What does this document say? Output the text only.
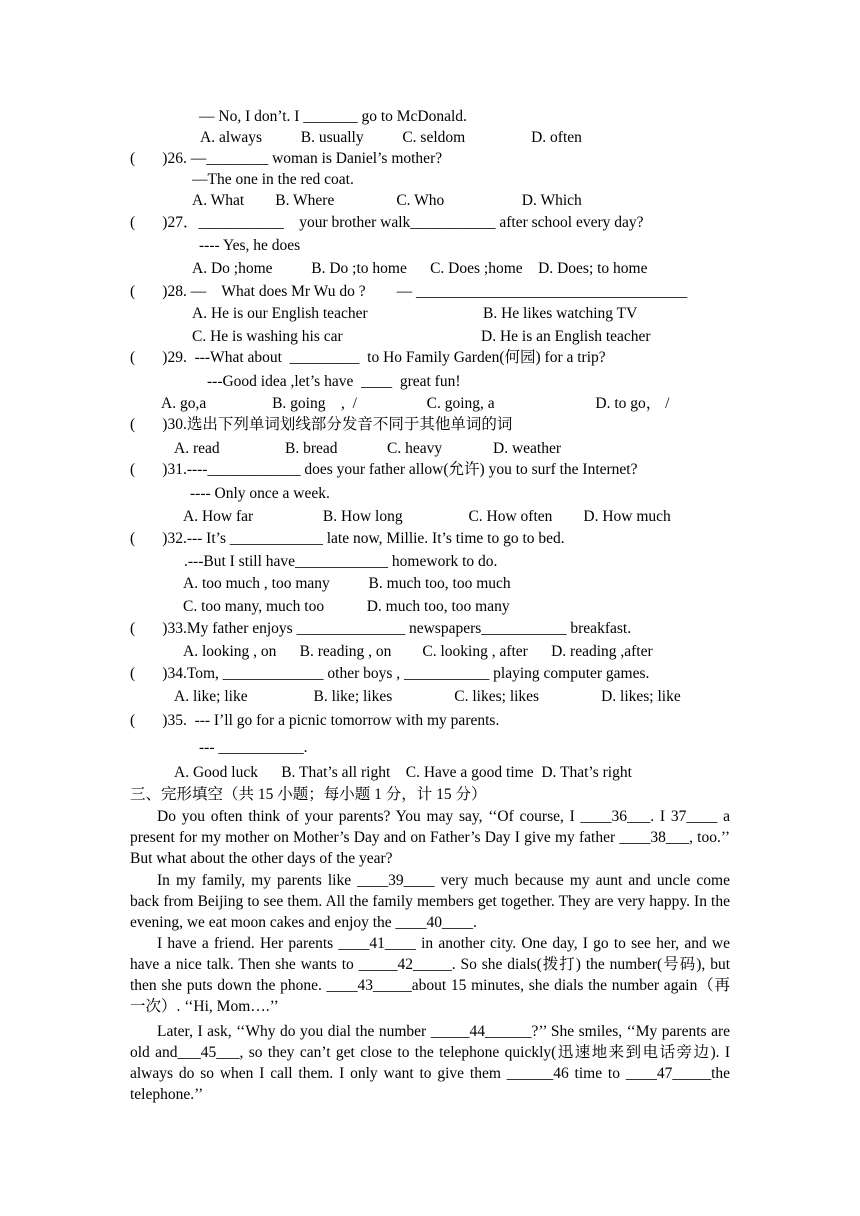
— No, I don’t. I _______ go to McDonald.
A. always          B. usually          C. seldom                 D. often
(       )26. —________ woman is Daniel’s mother?
—The one in the red coat.
A. What        B. Where                C. Who                    D. Which
(       )27．___________    your brother walk___________ after school every day?
---- Yes, he does
A. Do ;home          B. Do ;to home      C. Does ;home    D. Does; to home
(       )28. —    What does Mr Wu do ?        — ___________________________________
A. He is our English teacher	B. He likes watching TV
C. He is washing his car	D. He is an English teacher
(       )29.  ---What about  _________  to Ho Family Garden(何园) for a trip?
---Good idea ,let’s have  ____  great fun!
A. go,a                 B. going    ,  /                  C. going, a                          D. to go， /
(       )30.选出下列单词划线部分发音不同于其他单词的词
A. read	B. bread	C. heavy	D. weather
(       )31.----____________ does your father allow(允许) you to surf the Internet?
---- Only once a week.
A. How far                  B. How long                 C. How often        D. How much
(       )32.--- It’s ____________ late now, Millie. It’s time to go to bed.
.---But I still have____________ homework to do.
A. too much , too many          B. much too, too much
C. too many, much too           D. much too, too many
(       )33.My father enjoys ______________ newspapers___________ breakfast.
A. looking , on      B. reading , on        C. looking , after      D. reading ,after
(       )34.Tom, _____________ other boys , ___________ playing computer games.
A. like; like                 B. like; likes                C. likes; likes                D. likes; like
(       )35.  --- I’ll go for a picnic tomorrow with my parents.
--- ___________.
A. Good luck      B. That’s all right    C. Have a good time  D. That’s right
三、完形填空（共 15 小题；每小题 1 分，计 15 分）
Do you often think of your parents? You may say, ‘‘Of course, I ____36___. I 37____ a present for my mother on Mother’s Day and on Father’s Day I give my father ____38___, too.’’ But what about the other days of the year?
In my family, my parents like ____39____ very much because my aunt and uncle come back from Beijing to see them. All the family members get together. They are very happy. In the evening, we eat moon cakes and enjoy the ____40____.
I have a friend. Her parents ____41____ in another city. One day, I go to see her, and we have a nice talk. Then she wants to _____42_____. So she dials(拨打) the number(号码), but then she puts down the phone. ____43_____about 15 minutes, she dials the number again（再一次）. ‘‘Hi, Mom….’’
Later, I ask, ‘‘Why do you dial the number _____44______?’’ She smiles, ‘‘My parents are old and___45___, so they can’t get close to the telephone quickly(迅速地来到电话旁边). I always do so when I call them. I only want to give them ______46 time to ____47_____the telephone.’’
